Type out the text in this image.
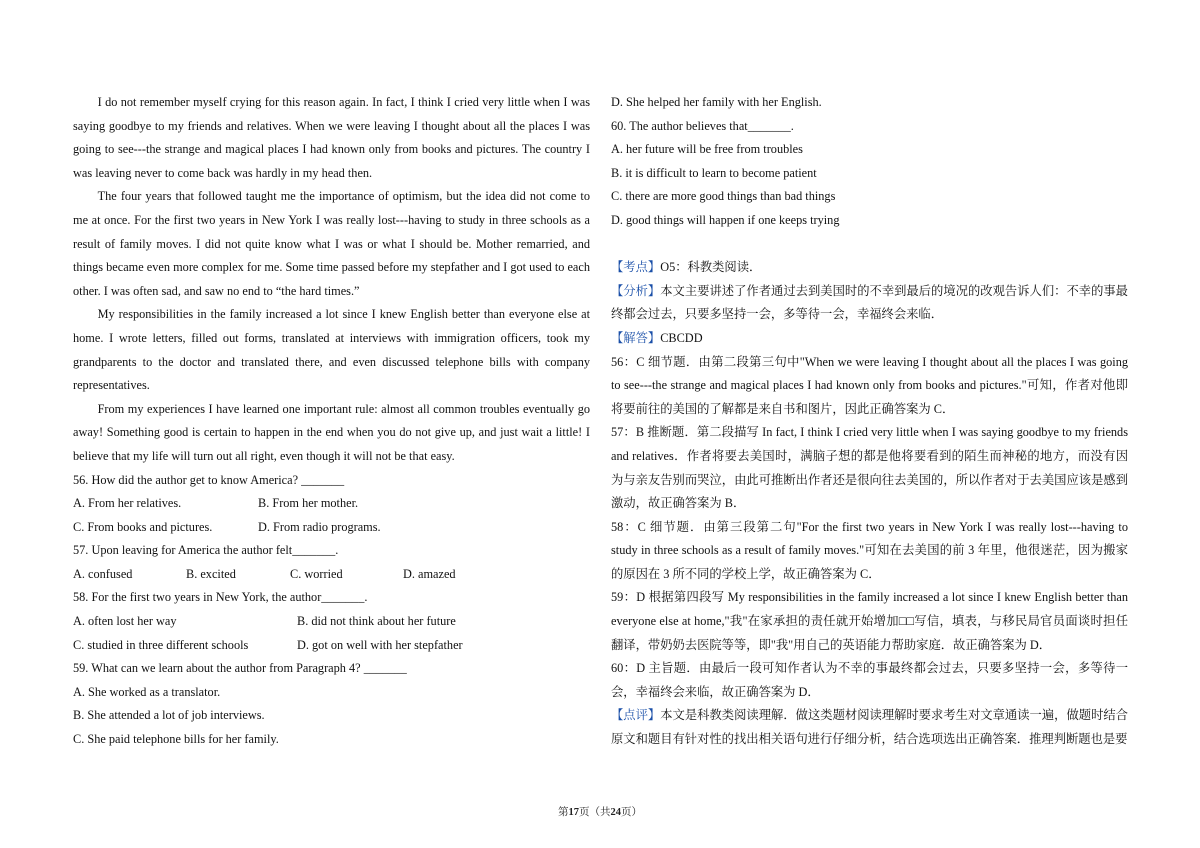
I do not remember myself crying for this reason again. In fact, I think I cried very little when I was saying goodbye to my friends and relatives. When we were leaving I thought about all the places I was going to see---the strange and magical places I had known only from books and pictures. The country I was leaving never to come back was hardly in my head then.

The four years that followed taught me the importance of optimism, but the idea did not come to me at once. For the first two years in New York I was really lost---having to study in three schools as a result of family moves. I did not quite know what I was or what I should be. Mother remarried, and things became even more complex for me. Some time passed before my stepfather and I got used to each other. I was often sad, and saw no end to “the hard times.”

My responsibilities in the family increased a lot since I knew English better than everyone else at home. I wrote letters, filled out forms, translated at interviews with immigration officers, took my grandparents to the doctor and translated there, and even discussed telephone bills with company representatives.

From my experiences I have learned one important rule: almost all common troubles eventually go away! Something good is certain to happen in the end when you do not give up, and just wait a little! I believe that my life will turn out all right, even though it will not be that easy.

56. How did the author get to know America? _______

A. From her relatives.	B. From her mother.
C. From books and pictures.	D. From radio programs.

57. Upon leaving for America the author felt_______.

A. confused	B. excited	C. worried	D. amazed

58. For the first two years in New York, the author_______.

A. often lost her way	B. did not think about her future
C. studied in three different schools	D. got on well with her stepfather

59. What can we learn about the author from Paragraph 4? _______

A. She worked as a translator.

B. She attended a lot of job interviews.

C. She paid telephone bills for her family.

D. She helped her family with her English.

60. The author believes that_______.

A. her future will be free from troubles

B. it is difficult to learn to become patient

C. there are more good things than bad things

D. good things will happen if one keeps trying

【考点】O5：科教类阅读．

【分析】本文主要讲述了作者通过去到美国时的不幸到最后的境况的改观告诉人们：不幸的事最终都会过去，只要多坚持一会，多等待一会，幸福终会来临．

【解答】CBCDD

56：C 细节题．由第二段第三句中"When we were leaving I thought about all the places I was going to see---the strange and magical places I had known only from books and pictures."可知，作者对他即将要前往的美国的了解都是来自书和图片，因此正确答案为 C．

57：B 推断题．第二段描写 In fact, I think I cried very little when I was saying goodbye to my friends and relatives．作者将要去美国时，满脑子想的都是他将要看到的陌生而神秘的地方，而没有因为与亲友告别而哭泣，由此可推断出作者还是很向往去美国的，所以作者对于去美国应该是感到激动，故正确答案为 B．

58：C 细节题．由第三段第二句"For the first two years in New York I was really lost---having to study in three schools as a result of family moves."可知在去美国的前 3 年里，他很迷茫，因为搬家的原因在 3 所不同的学校上学，故正确答案为 C．

59：D 根据第四段写 My responsibilities in the family increased a lot since I knew English better than everyone else at home,"我"在家承担的责任就开始增加□□写信，填表，与移民局官员面谈时担任翻译，带奶奶去医院等等，即"我"用自己的英语能力帮助家庭．故正确答案为 D．

60：D 主旨题．由最后一段可知作者认为不幸的事最终都会过去，只要多坚持一会，多等待一会，幸福终会来临，故正确答案为 D．

【点评】本文是科教类阅读理解．做这类题材阅读理解时要求考生对文章通读一遍，做题时结合原文和题目有针对性的找出相关语句进行仔细分析，结合选项选出正确答案．推理判断题也是要

第17页（共24页）
